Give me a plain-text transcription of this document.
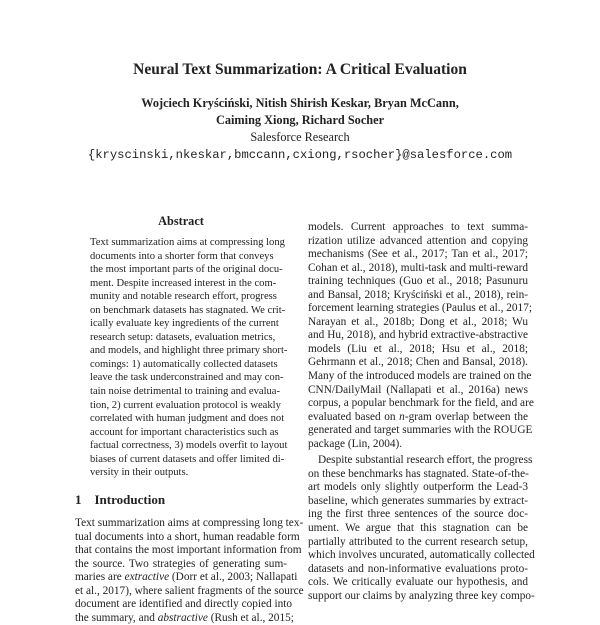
Neural Text Summarization: A Critical Evaluation
Wojciech Kryściński, Nitish Shirish Keskar, Bryan McCann,
Caiming Xiong, Richard Socher
Salesforce Research
{kryscinski,nkeskar,bmccann,cxiong,rsocher}@salesforce.com
Abstract
Text summarization aims at compressing long
documents into a shorter form that conveys
the most important parts of the original docu-
ment. Despite increased interest in the com-
munity and notable research effort, progress
on benchmark datasets has stagnated. We crit-
ically evaluate key ingredients of the current
research setup: datasets, evaluation metrics,
and models, and highlight three primary short-
comings: 1) automatically collected datasets
leave the task underconstrained and may con-
tain noise detrimental to training and evalua-
tion, 2) current evaluation protocol is weakly
correlated with human judgment and does not
account for important characteristics such as
factual correctness, 3) models overfit to layout
biases of current datasets and offer limited di-
versity in their outputs.
1 Introduction
Text summarization aims at compressing long tex-
tual documents into a short, human readable form
that contains the most important information from
the source. Two strategies of generating sum-
maries are extractive (Dorr et al., 2003; Nallapati
et al., 2017), where salient fragments of the source
document are identified and directly copied into
the summary, and abstractive (Rush et al., 2015;
models. Current approaches to text summa-
rization utilize advanced attention and copying
mechanisms (See et al., 2017; Tan et al., 2017;
Cohan et al., 2018), multi-task and multi-reward
training techniques (Guo et al., 2018; Pasunuru
and Bansal, 2018; Kryściński et al., 2018), rein-
forcement learning strategies (Paulus et al., 2017;
Narayan et al., 2018b; Dong et al., 2018; Wu
and Hu, 2018), and hybrid extractive-abstractive
models (Liu et al., 2018; Hsu et al., 2018;
Gehrmann et al., 2018; Chen and Bansal, 2018).
Many of the introduced models are trained on the
CNN/DailyMail (Nallapati et al., 2016a) news
corpus, a popular benchmark for the field, and are
evaluated based on n-gram overlap between the
generated and target summaries with the ROUGE
package (Lin, 2004).
Despite substantial research effort, the progress
on these benchmarks has stagnated. State-of-the-
art models only slightly outperform the Lead-3
baseline, which generates summaries by extract-
ing the first three sentences of the source doc-
ument. We argue that this stagnation can be
partially attributed to the current research setup,
which involves uncurated, automatically collected
datasets and non-informative evaluations proto-
cols. We critically evaluate our hypothesis, and
support our claims by analyzing three key compo-
